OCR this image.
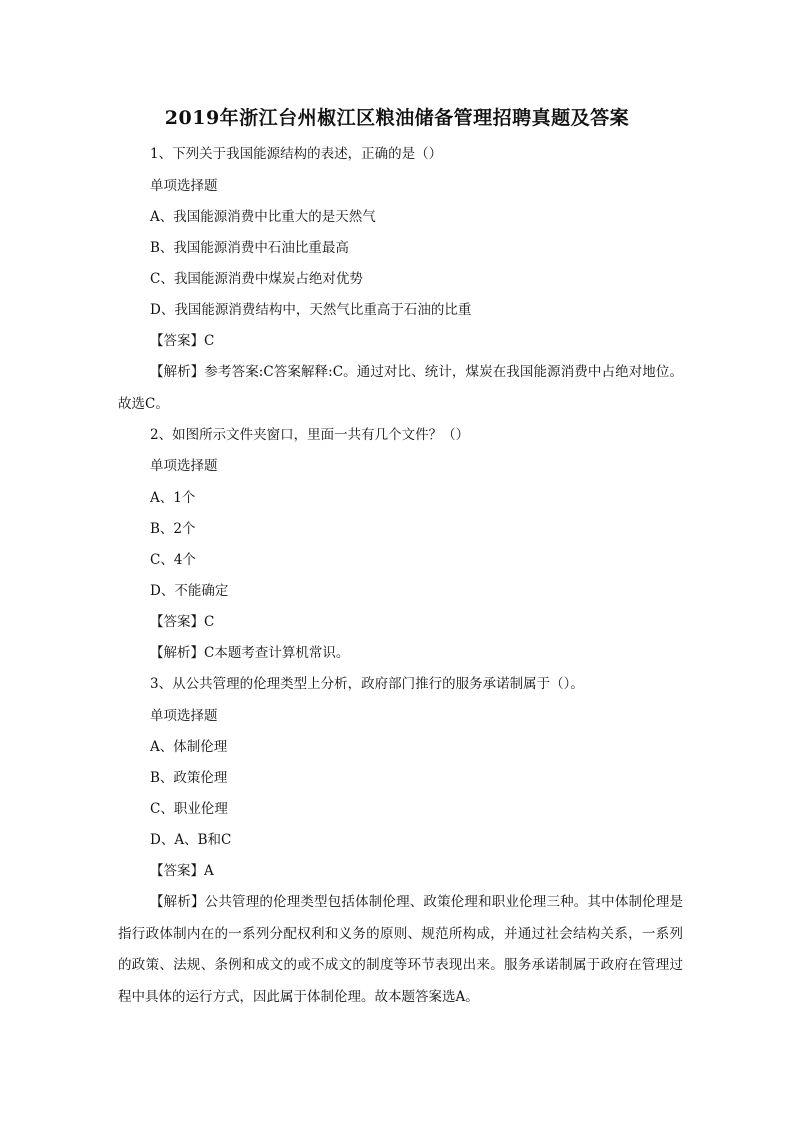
2019年浙江台州椒江区粮油储备管理招聘真题及答案
1、下列关于我国能源结构的表述，正确的是（）
单项选择题
A、我国能源消费中比重大的是天然气
B、我国能源消费中石油比重最高
C、我国能源消费中煤炭占绝对优势
D、我国能源消费结构中，天然气比重高于石油的比重
【答案】C
【解析】参考答案:C答案解释:C。通过对比、统计，煤炭在我国能源消费中占绝对地位。故选C。
2、如图所示文件夹窗口，里面一共有几个文件？（）
单项选择题
A、1个
B、2个
C、4个
D、不能确定
【答案】C
【解析】C本题考查计算机常识。
3、从公共管理的伦理类型上分析，政府部门推行的服务承诺制属于（）。
单项选择题
A、体制伦理
B、政策伦理
C、职业伦理
D、A、B和C
【答案】A
【解析】公共管理的伦理类型包括体制伦理、政策伦理和职业伦理三种。其中体制伦理是指行政体制内在的一系列分配权利和义务的原则、规范所构成，并通过社会结构关系，一系列的政策、法规、条例和成文的或不成文的制度等环节表现出来。服务承诺制属于政府在管理过程中具体的运行方式，因此属于体制伦理。故本题答案选A。
